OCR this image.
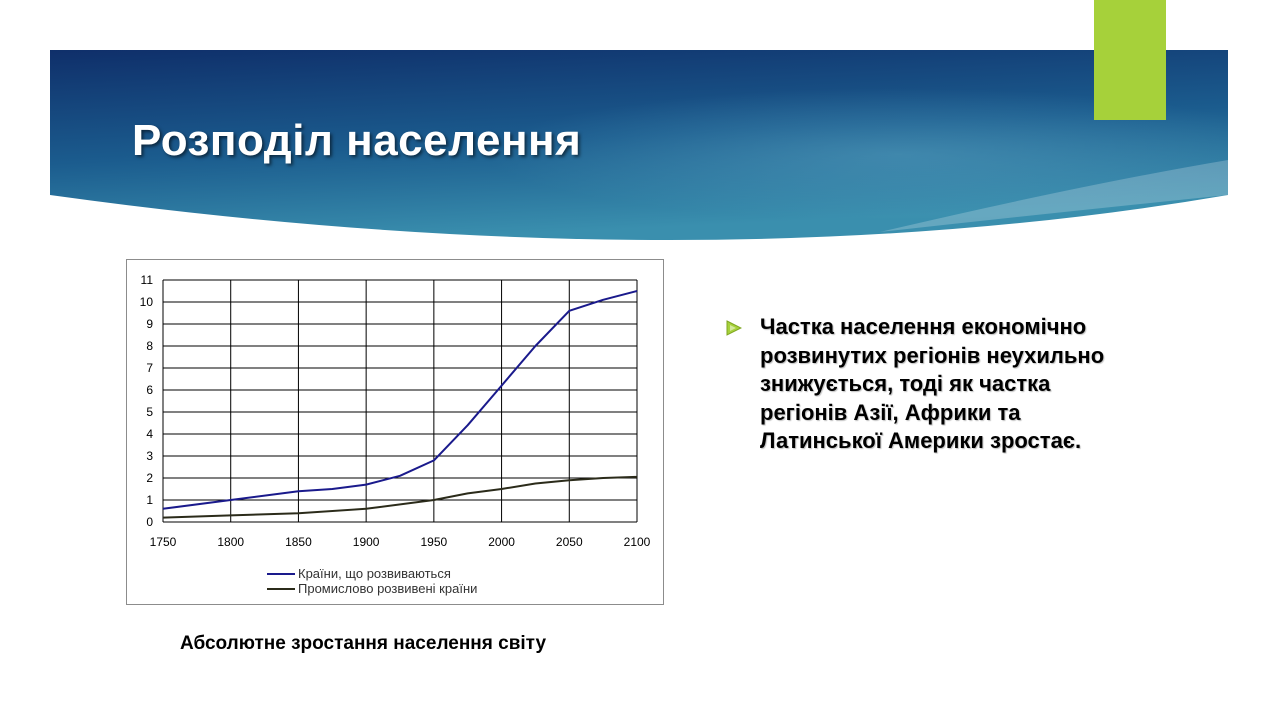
Розподіл населення
0
1
2
3
4
5
6
7
8
9
10
11
1750	1800	1850	1900	1950	2000	2050	2100
Країни, що розвиваються
Промислово розвивені країни
Абсолютне зростання населення світу

Частка населення економічно розвинутих регіонів неухильно знижується, тоді як частка регіонів Азії, Африки та Латинської Америки зростає.
